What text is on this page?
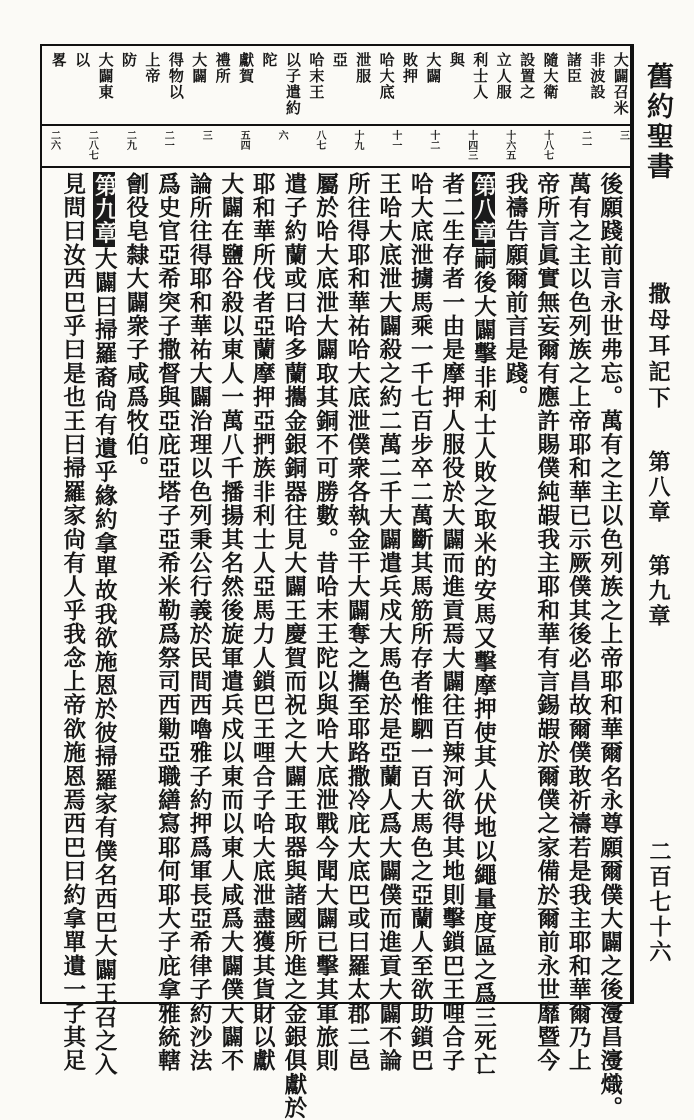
舊約聖書
撒母耳記下
第八章 第九章
二百七十六
大闢召米
非波設
諸臣
隨大衛
設置之
立人服
利士人
與
大闢
敗押
哈大底
泄服
亞
哈末王
以子遣約
陀
獻賀
禮所
大闢
得物以
上帝
防
大闢東
以
畧
三
二一
十八七
十六五
十四三
十二
十一
十九
八七
六
五四
三
二一
二九
二八七
二六
後願踐前言永世弗忘。萬有之主以色列族之上帝耶和華爾名永尊願爾僕大闢之後濅昌濅熾。
萬有之主以色列族之上帝耶和華已示厥僕其後必昌故爾僕敢祈禱若是我主耶和華爾乃上
帝所言眞實無妄爾有應許賜僕純嘏我主耶和華有言錫嘏於爾僕之家備於爾前永世靡暨今
我禱告願爾前言是踐。
第八章嗣後大闢擊非利士人敗之取米的安馬又擊摩押使其人伏地以繩量度區之爲三死亡
者二生存者一由是摩押人服役於大闢而進貢焉大闢往百辣河欲得其地則擊鎖巴王哩合子
哈大底泄擄馬乘一千七百步卒二萬斷其馬筋所存者惟駟一百大馬色之亞蘭人至欲助鎖巴
王哈大底泄大闢殺之約二萬二千大闢遣兵戍大馬色於是亞蘭人爲大闢僕而進貢大闢不論
所往得耶和華祐哈大底泄僕衆各執金干大闢奪之攜至耶路撒冷庇大底巴或曰羅太郡二邑
屬於哈大底泄大闢取其銅不可勝數。昔哈末王陀以與哈大底泄戰今聞大闢已擊其軍旅則
遣子約蘭或曰哈多蘭攜金銀銅器往見大闢王慶賀而祝之大闢王取器與諸國所進之金銀俱獻於
耶和華所伐者亞蘭摩押亞捫族非利士人亞馬力人鎖巴王哩合子哈大底泄盡獲其貨財以獻
大闢在鹽谷殺以東人一萬八千播揚其名然後旋軍遣兵戍以東而以東人咸爲大闢僕大闢不
論所往得耶和華祐大闢治理以色列秉公行義於民間西嚕雅子約押爲軍長亞希律子約沙法
爲史官亞希突子撒督與亞庇亞塔子亞希米勒爲祭司西勦亞職繕寫耶何耶大子庇拿雅統轄
劊役皂隸大闢衆子咸爲牧伯。
第九章大闢曰掃羅裔尙有遺乎緣約拿單故我欲施恩於彼掃羅家有僕名西巴大闢王召之入
見問曰汝西巴乎曰是也王曰掃羅家尙有人乎我念上帝欲施恩焉西巴曰約拿單遺一子其足
